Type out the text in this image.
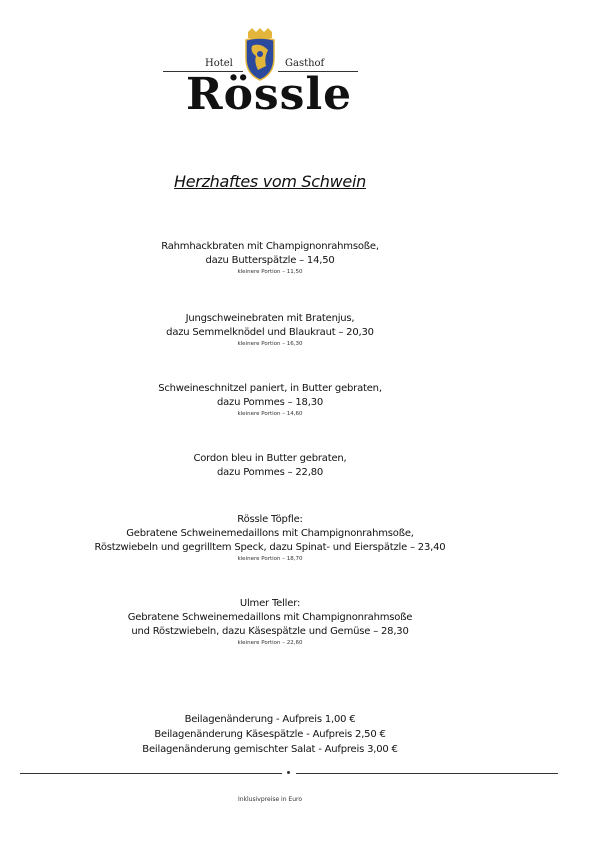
Hotel	Gasthof
Rössle
Herzhaftes vom Schwein
Rahmhackbraten mit Champignonrahmsoße,
dazu Butterspätzle – 14,50
kleinere Portion – 11,50
Jungschweinebraten mit Bratenjus,
dazu Semmelknödel und Blaukraut – 20,30
kleinere Portion – 16,30
Schweineschnitzel paniert, in Butter gebraten,
dazu Pommes – 18,30
kleinere Portion – 14,60
Cordon bleu in Butter gebraten,
dazu Pommes – 22,80
Rössle Töpfle:
Gebratene Schweinemedaillons mit Champignonrahmsoße,
Röstzwiebeln und gegrilltem Speck, dazu Spinat- und Eierspätzle – 23,40
kleinere Portion – 18,70
Ulmer Teller:
Gebratene Schweinemedaillons mit Champignonrahmsoße
und Röstzwiebeln, dazu Käsespätzle und Gemüse – 28,30
kleinere Portion – 22,60
Beilagenänderung - Aufpreis 1,00 €
Beilagenänderung Käsespätzle - Aufpreis 2,50 €
Beilagenänderung gemischter Salat - Aufpreis 3,00 €
Inklusivpreise in Euro
